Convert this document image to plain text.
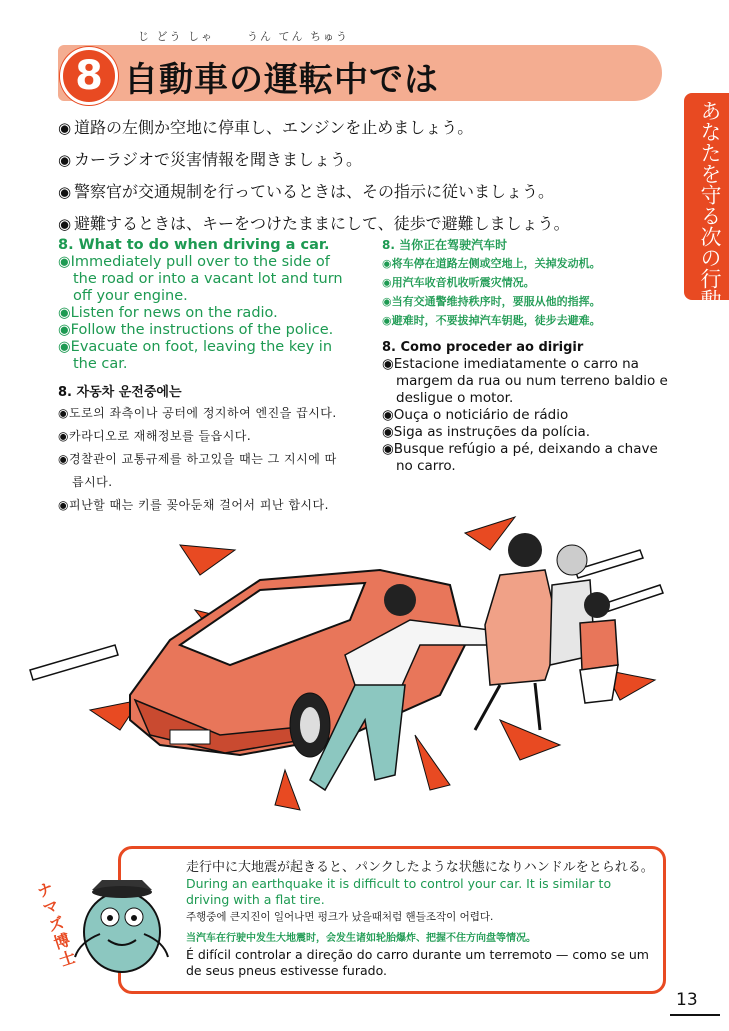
8
じ どう しゃ      うん てん ちゅう
自動車の運転中では
あなたを守る次の行動
◉ 道路の左側か空地に停車し、エンジンを止めましょう。
◉ カーラジオで災害情報を聞きましょう。
◉ 警察官が交通規制を行っているときは、その指示に従いましょう。
◉ 避難するときは、キーをつけたままにして、徒歩で避難しましょう。
8. What to do when driving a car.
◉Immediately pull over to the side of the road or into a vacant lot and turn off your engine.
◉Listen for news on the radio.
◉Follow the instructions of the police.
◉Evacuate on foot, leaving the key in the car.
8. 자동차 운전중에는
◉도로의 좌측이나 공터에 정지하여 엔진을 끕시다.
◉카라디오로 재해정보를 들읍시다.
◉경찰관이 교통규제를 하고있을 때는 그 지시에 따릅시다.
◉피난할 때는 키를 꽂아둔채 걸어서 피난 합시다.
8. 当你正在驾驶汽车时
◉将车停在道路左侧或空地上，关掉发动机。
◉用汽车收音机收听震灾情况。
◉当有交通警维持秩序时，要服从他的指挥。
◉避难时，不要拔掉汽车钥匙，徒步去避难。
8. Como proceder ao dirigir
◉Estacione imediatamente o carro na margem da rua ou num terreno baldio e desligue o motor.
◉Ouça o noticiário de rádio
◉Siga as instruções da polícia.
◉Busque refúgio a pé, deixando a chave no carro.
ナマズ博士
走行中に大地震が起きると、パンクしたような状態になりハンドルをとられる。
During an earthquake it is difficult to control your car. It is similar to driving with a flat tire.
주행중에 큰지진이 일어나면 펑크가 났을때처럼 핸들조작이 어렵다.
当汽车在行驶中发生大地震时，会发生诸如轮胎爆炸、把握不住方向盘等情况。
É difícil controlar a direção do carro durante um terremoto — como se um de seus pneus estivesse furado.
13
